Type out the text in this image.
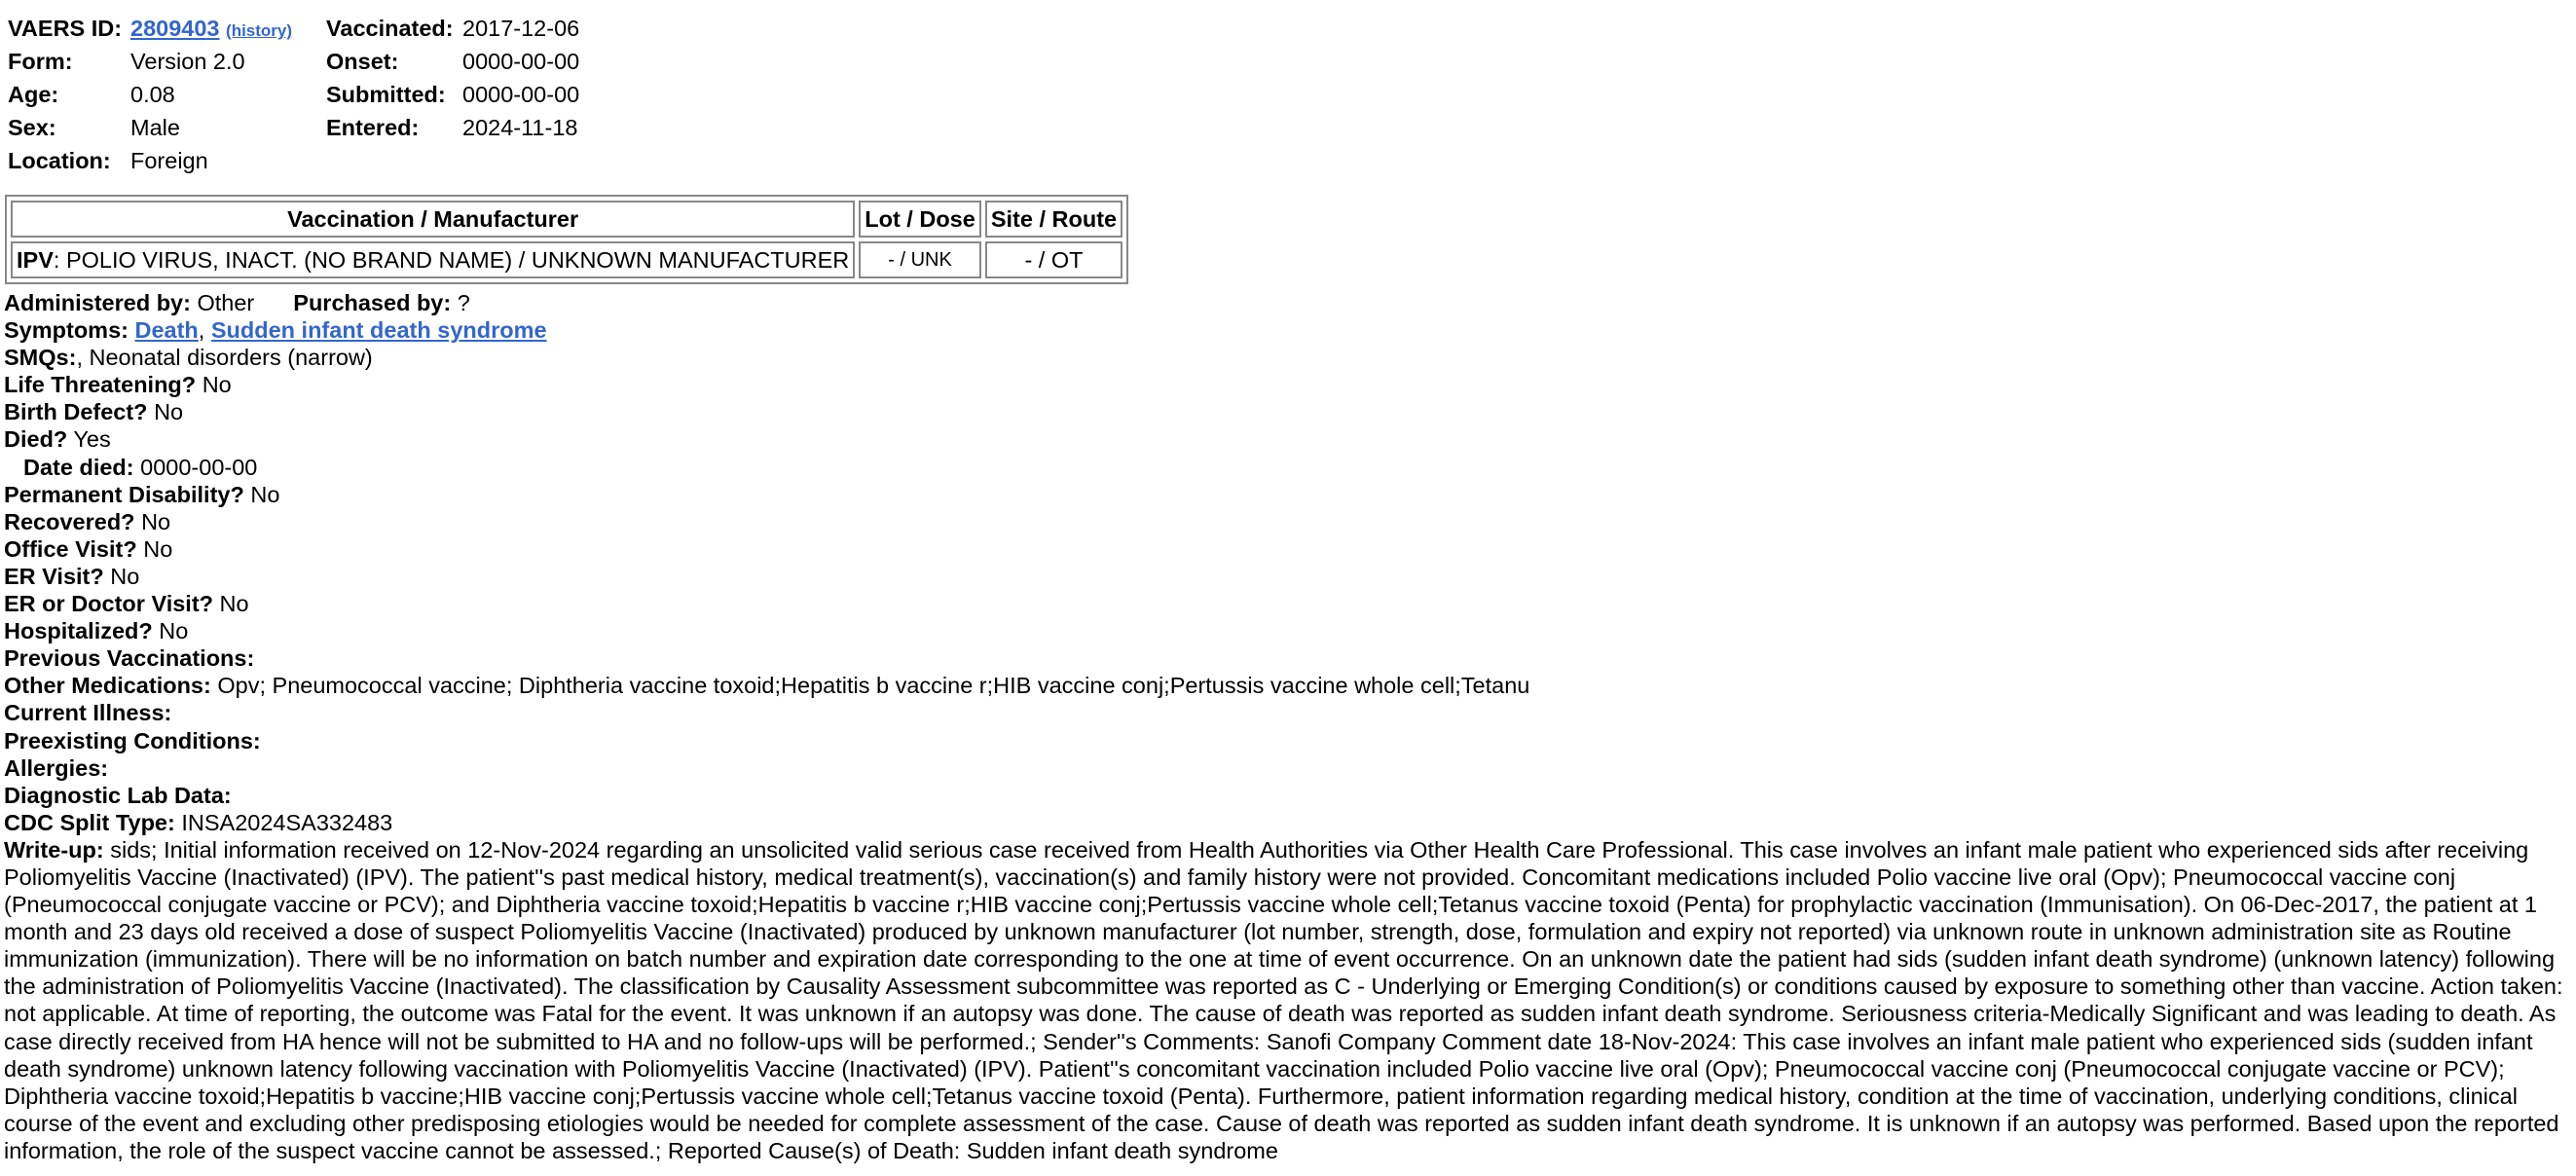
VAERS ID: 2809403 (history)
Form:	Version 2.0
Age:	0.08
Sex:	Male
Location: Foreign
Vaccinated: 2017-12-06
Onset:	0000-00-00
Submitted: 0000-00-00
Entered: 2024-11-18
Vaccination / Manufacturer	Lot / Dose	Site / Route
IPV: POLIO VIRUS, INACT. (NO BRAND NAME) / UNKNOWN MANUFACTURER	- / UNK	- / OT
Administered by: Other Purchased by: ?
Symptoms: Death, Sudden infant death syndrome
SMQs:, Neonatal disorders (narrow)
Life Threatening? No
Birth Defect? No
Died? Yes
Date died: 0000-00-00
Permanent Disability? No
Recovered? No
Office Visit? No
ER Visit? No
ER or Doctor Visit? No
Hospitalized? No
Previous Vaccinations:
Other Medications: Opv; Pneumococcal vaccine; Diphtheria vaccine toxoid;Hepatitis b vaccine r;HIB vaccine conj;Pertussis vaccine whole cell;Tetanu
Current Illness:
Preexisting Conditions:
Allergies:
Diagnostic Lab Data:
CDC Split Type: INSA2024SA332483

Write-up: sids; Initial information received on 12-Nov-2024 regarding an unsolicited valid serious case received from Health Authorities via Other Health Care Professional. This case involves an infant male patient who experienced sids after receiving Poliomyelitis Vaccine (Inactivated) (IPV). The patient''s past medical history, medical treatment(s), vaccination(s) and family history were not provided. Concomitant medications included Polio vaccine live oral (Opv); Pneumococcal vaccine conj (Pneumococcal conjugate vaccine or PCV); and Diphtheria vaccine toxoid;Hepatitis b vaccine r;HIB vaccine conj;Pertussis vaccine whole cell;Tetanus vaccine toxoid (Penta) for prophylactic vaccination (Immunisation). On 06-Dec-2017, the patient at 1 month and 23 days old received a dose of suspect Poliomyelitis Vaccine (Inactivated) produced by unknown manufacturer (lot number, strength, dose, formulation and expiry not reported) via unknown route in unknown administration site as Routine immunization (immunization). There will be no information on batch number and expiration date corresponding to the one at time of event occurrence. On an unknown date the patient had sids (sudden infant death syndrome) (unknown latency) following the administration of Poliomyelitis Vaccine (Inactivated). The classification by Causality Assessment subcommittee was reported as C - Underlying or Emerging Condition(s) or conditions caused by exposure to something other than vaccine. Action taken: not applicable. At time of reporting, the outcome was Fatal for the event. It was unknown if an autopsy was done. The cause of death was reported as sudden infant death syndrome. Seriousness criteria-Medically Significant and was leading to death. As case directly received from HA hence will not be submitted to HA and no follow-ups will be performed.; Sender''s Comments: Sanofi Company Comment date 18-Nov-2024: This case involves an infant male patient who experienced sids (sudden infant death syndrome) unknown latency following vaccination with Poliomyelitis Vaccine (Inactivated) (IPV). Patient''s concomitant vaccination included Polio vaccine live oral (Opv); Pneumococcal vaccine conj (Pneumococcal conjugate vaccine or PCV); Diphtheria vaccine toxoid;Hepatitis b vaccine;HIB vaccine conj;Pertussis vaccine whole cell;Tetanus vaccine toxoid (Penta). Furthermore, patient information regarding medical history, condition at the time of vaccination, underlying conditions, clinical course of the event and excluding other predisposing etiologies would be needed for complete assessment of the case. Cause of death was reported as sudden infant death syndrome. It is unknown if an autopsy was performed. Based upon the reported information, the role of the suspect vaccine cannot be assessed.; Reported Cause(s) of Death: Sudden infant death syndrome
